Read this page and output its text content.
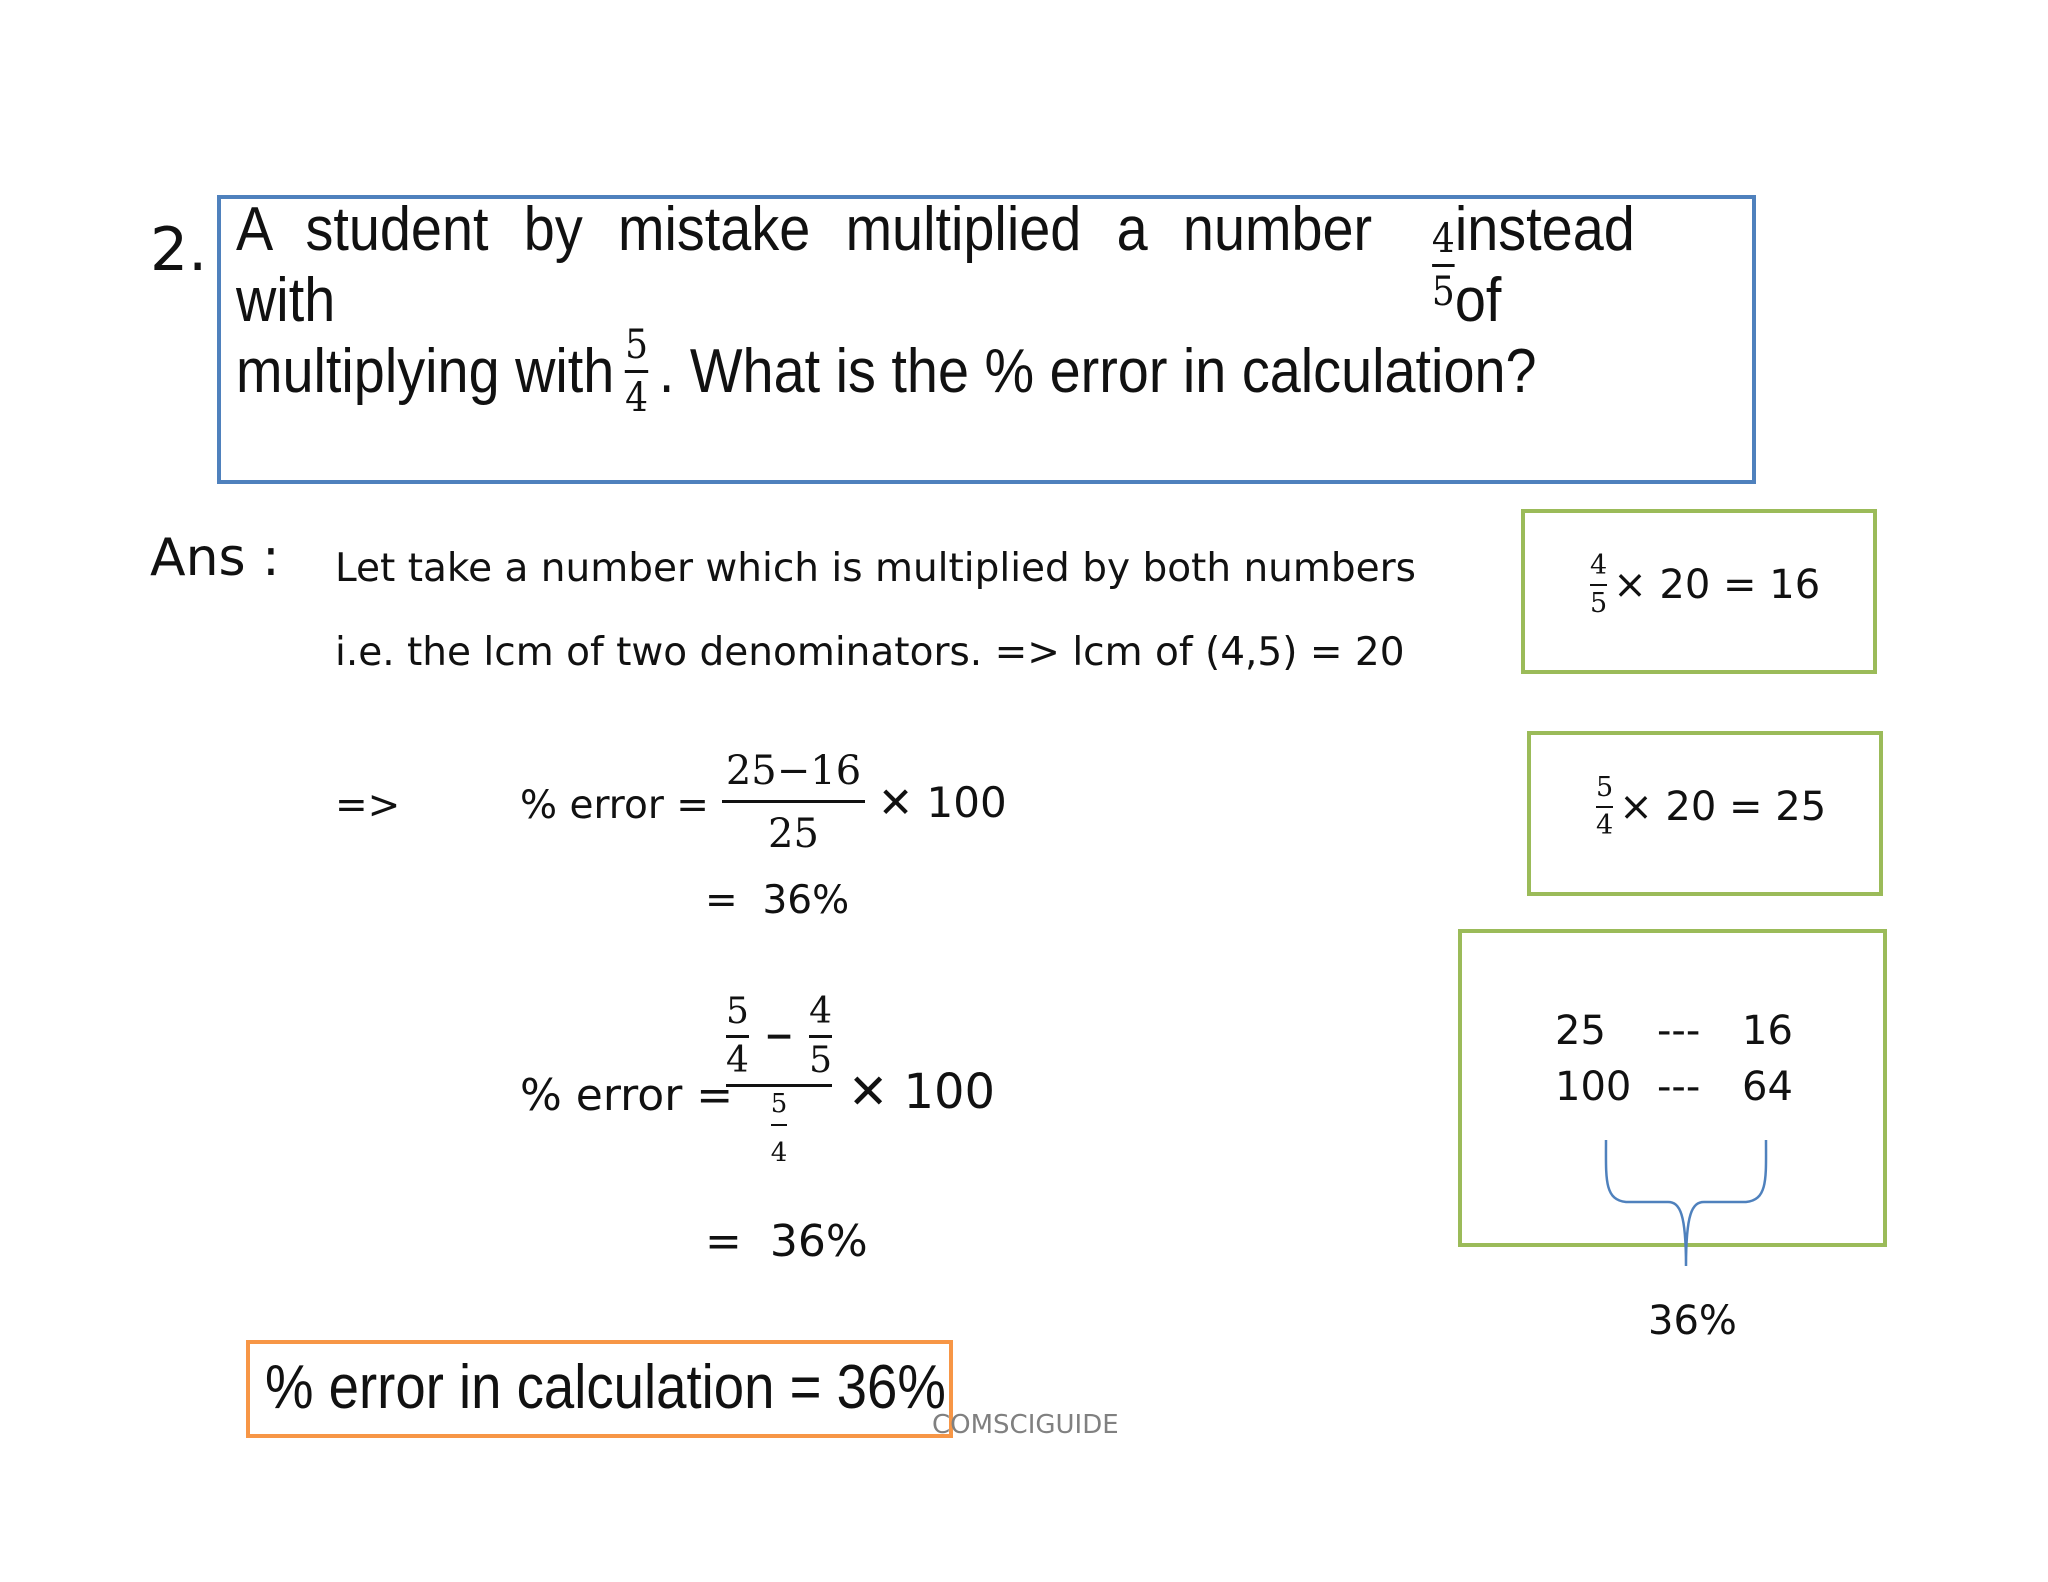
2. A student by mistake multiplied a number with	$\frac{4}{5}$ instead of
multiplying with $\frac{5}{4}$ . What is the % error in calculation?
Ans : Let take a number which is multiplied by both numbers
i.e. the lcm of two denominators. => lcm of (4,5) = 20
=>	% error =
25−16
25
✕ 100
=  36%
% error =
$\frac{5}{4} - \frac{4}{5}$
$\frac{5}{4}$ ✕ 100
=  36%
% error in calculation = 36%
COMSCIGUIDE
$\frac{4}{5} \times 20 = 16$
$\frac{5}{4} \times 20 = 25$
25 --- 16
100 --- 64
36%
